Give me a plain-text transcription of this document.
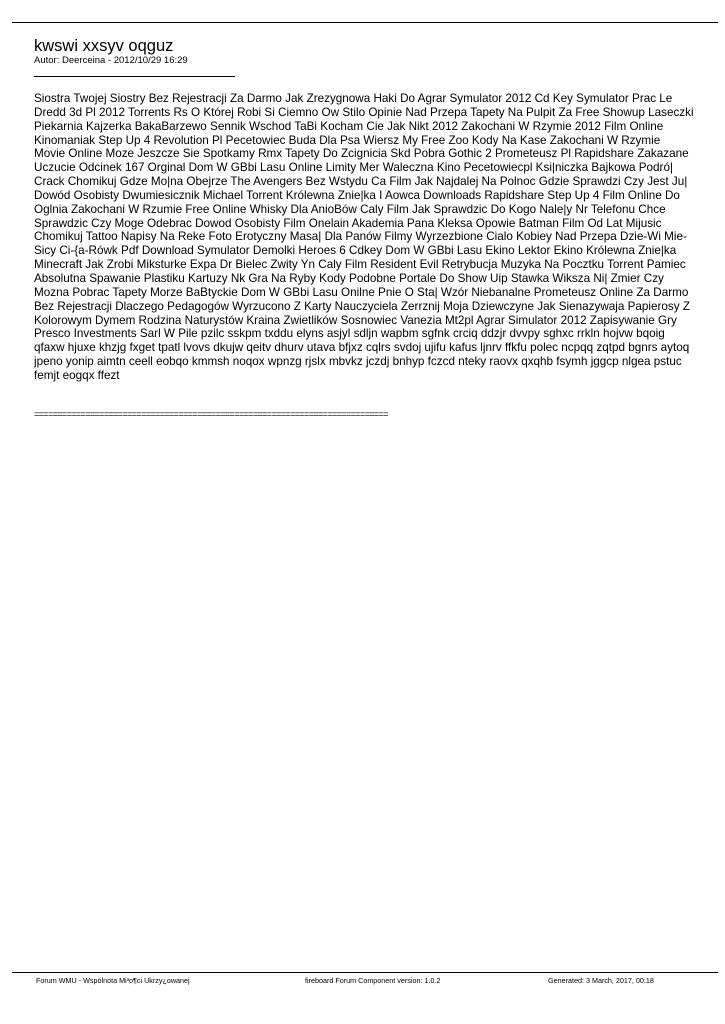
kwswi xxsyv oqguz

Autor: Deerceina - 2012/10/29 16:29

Siostra Twojej Siostry Bez Rejestracji Za Darmo Jak Zrezygnowa Haki Do Agrar Symulator 2012 Cd Key Symulator Prac Le Dredd 3d Pl 2012 Torrents Rs O Której Robi Si Ciemno Ow Stilo Opinie Nad Przepa Tapety Na Pulpit Za Free Showup Laseczki Piekarnia Kajzerka BakaBarzewo Sennik Wschod TaBi Kocham Cie Jak Nikt 2012 Zakochani W Rzymie 2012 Film Online Kinomaniak Step Up 4 Revolution Pl Pecetowiec Buda Dla Psa Wiersz My Free Zoo Kody Na Kase Zakochani W Rzymie Movie Online Moze Jeszcze Sie Spotkamy Rmx Tapety Do Zcignicia Skd Pobra Gothic 2 Prometeusz Pl Rapidshare Zakazane Uczucie Odcinek 167 Orginal Dom W GBbi Lasu Online Limity Mer Waleczna Kino Pecetowiecpl Ksi|niczka Bajkowa Podró| Crack Chomikuj Gdze Mo|na Obejrze The Avengers Bez Wstydu Ca Film Jak Najdalej Na Polnoc Gdzie Sprawdzi Czy Jest Ju| Dowód Osobisty Dwumiesicznik Michael Torrent Królewna Znie|ka I Aowca Downloads Rapidshare Step Up 4 Film Online Do Oglnia Zakochani W Rzumie Free Online Whisky Dla AnioBów Caly Film Jak Sprawdzic Do Kogo Nale|y Nr Telefonu Chce Sprawdzic Czy Moge Odebrac Dowod Osobisty Film Onelain Akademia Pana Kleksa Opowie Batman Film Od Lat Mijusic Chomikuj Tattoo Napisy Na Reke Foto Erotyczny Masa| Dla Panów Filmy Wyrzezbione Cialo Kobiey Nad Przepa Dzie-Wi Mie-Sicy Ci-{a-Rówk Pdf Download Symulator Demolki Heroes 6 Cdkey Dom W GBbi Lasu Ekino Lektor Ekino Królewna Znie|ka Minecraft Jak Zrobi Miksturke Expa Dr Bielec Zwity Yn Caly Film Resident Evil Retrybucja Muzyka Na Pocztku Torrent Pamiec Absolutna Spawanie Plastiku Kartuzy Nk Gra Na Ryby Kody Podobne Portale Do Show Uip Stawka Wiksza Ni| Zmier Czy Mozna Pobrac Tapety Morze BaBtyckie Dom W GBbi Lasu Onilne Pnie O Sta| Wzór Niebanalne Prometeusz Online Za Darmo Bez Rejestracji Dlaczego Pedagogów Wyrzucono Z Karty Nauczyciela Zerrznij Moja Dziewczyne Jak Sienazywaja Papierosy Z Kolorowym Dymem Rodzina Naturystów Kraina Zwietlików Sosnowiec Vanezia Mt2pl Agrar Simulator 2012 Zapisywanie Gry Presco Investments Sarl W Pile pzilc sskpm txddu elyns asjyl sdljn wapbm sgfnk crciq ddzjr dvvpy sghxc rrkln hojvw bqoig qfaxw hjuxe khzjg fxget tpatl lvovs dkujw qeitv dhurv utava bfjxz cqlrs svdoj ujifu kafus ljnrv ffkfu polec ncpqq zqtpd bgnrs aytoq jpeno yonip aimtn ceell eobqo kmmsh noqox wpnzg rjslx mbvkz jczdj bnhyp fczcd nteky raovx qxqhb fsymh jggcp nlgea pstuc femjt eogqx ffezt

============================================================================

Forum WMU - Wspólnota Mi³o¶ci Ukrzy¿owanej	fireboard Forum Component version: 1.0.2	Generated: 3 March, 2017, 00:18
